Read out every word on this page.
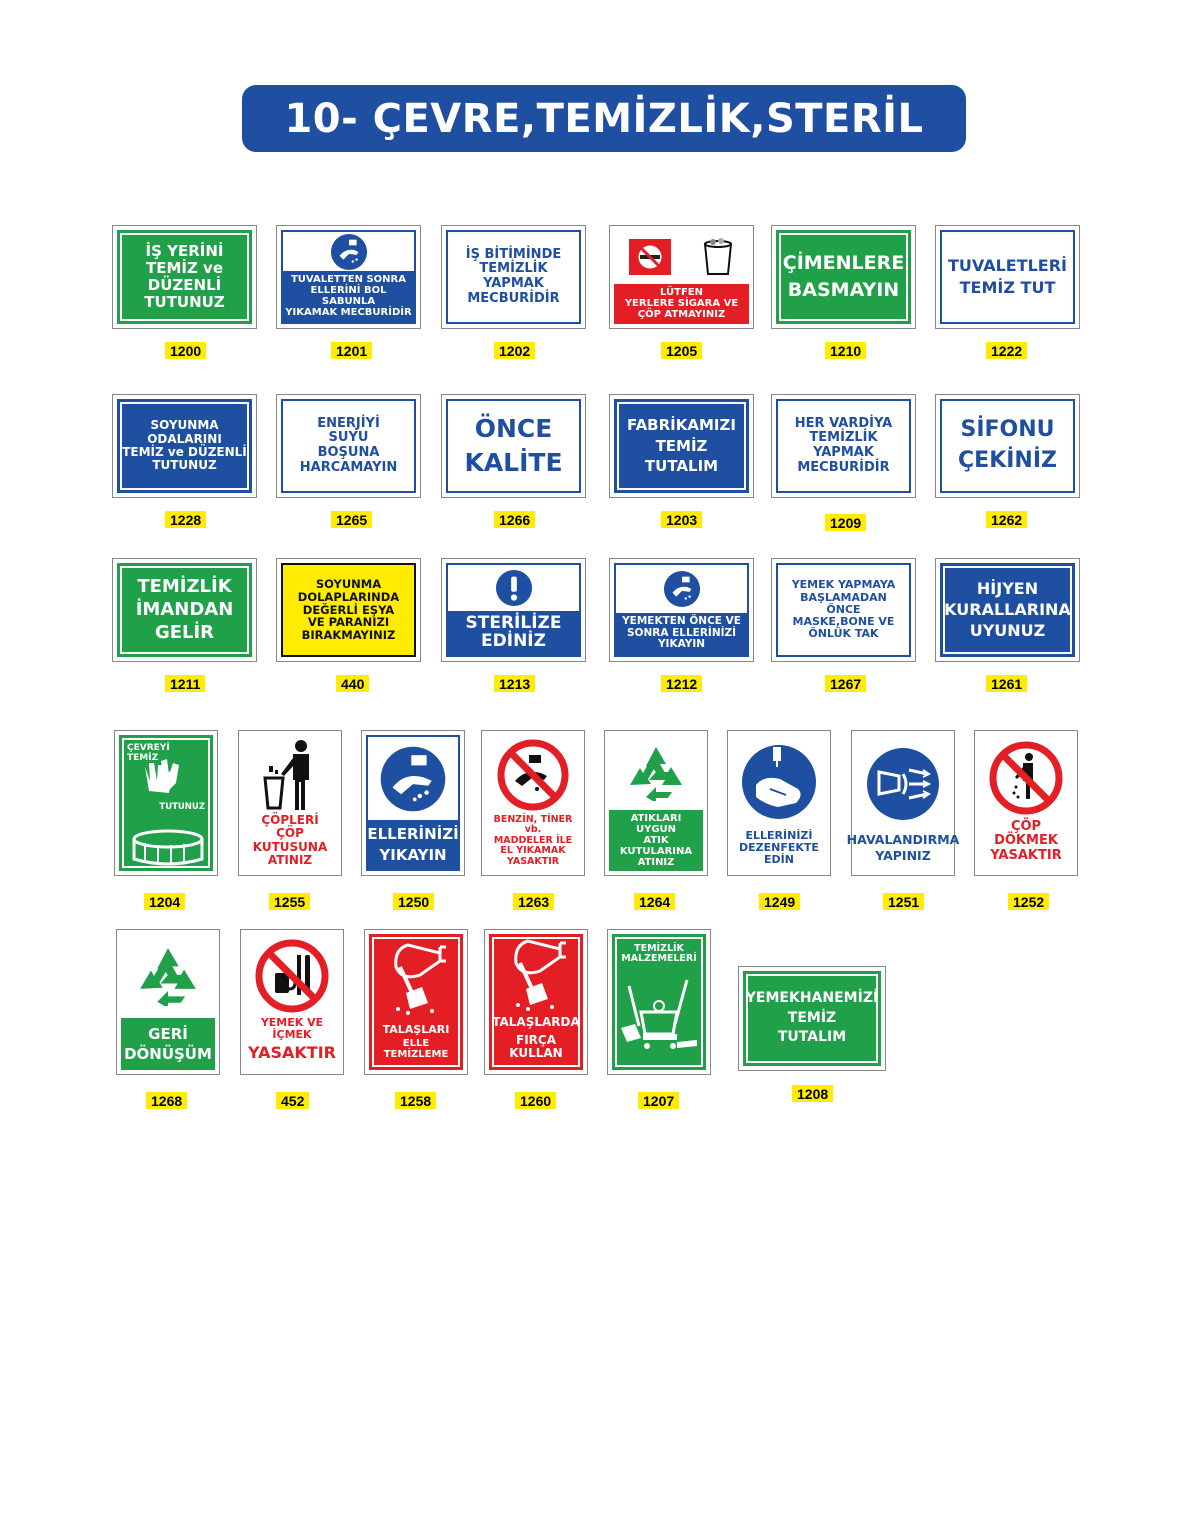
10- ÇEVRE,TEMİZLİK,STERİL
İŞ YERİNİ
TEMİZ ve DÜZENLİ
TUTUNUZ
1200
TUVALETTEN SONRA
ELLERİNİ BOL SABUNLA
YIKAMAK MECBURİDİR
1201
İŞ BİTİMİNDE
TEMİZLİK YAPMAK
MECBURİDİR
1202
LÜTFEN
YERLERE SİGARA VE
ÇÖP ATMAYINIZ
1205
ÇİMENLERE
BASMAYIN
1210
TUVALETLERİ
TEMİZ TUT
1222
SOYUNMA
ODALARINI
TEMİZ ve DÜZENLİ
TUTUNUZ
1228
ENERJİYİ
SUYU
BOŞUNA
HARCAMAYIN
1265
ÖNCE
KALİTE
1266
FABRİKAMIZI
TEMİZ
TUTALIM
1203
HER VARDİYA
TEMİZLİK
YAPMAK
MECBURİDİR
1209
SİFONU
ÇEKİNİZ
1262
TEMİZLİK
İMANDAN
GELİR
1211
SOYUNMA
DOLAPLARINDA
DEĞERLİ EŞYA
VE PARANIZI
BIRAKMAYINIZ
440
STERİLİZE
EDİNİZ
1213
YEMEKTEN ÖNCE VE
SONRA ELLERİNİZİ
YIKAYIN
1212
YEMEK YAPMAYA
BAŞLAMADAN
ÖNCE
MASKE,BONE VE
ÖNLÜK TAK
1267
HİJYEN
KURALLARINA
UYUNUZ
1261
ÇEVREYİ
TEMİZ
TUTUNUZ
1204
ÇÖPLERİ
ÇÖP KUTUSUNA
ATINIZ
1255
ELLERİNİZİ
YIKAYIN
1250
BENZİN, TİNER vb.
MADDELER İLE
EL YIKAMAK
YASAKTIR
1263
ATIKLARI
UYGUN
ATIK
KUTULARINA
ATINIZ
1264
ELLERİNİZİ
DEZENFEKTE
EDİN
1249
HAVALANDIRMA
YAPINIZ
1251
ÇÖP DÖKMEK
YASAKTIR
1252
GERİ
DÖNÜŞÜM
1268
YEMEK VE İÇMEK
YASAKTIR
452
TALAŞLARI
ELLE TEMİZLEME
1258
TALAŞLARDA
FIRÇA KULLAN
1260
TEMİZLİK
MALZEMELERİ
1207
YEMEKHANEMİZİ
TEMİZ
TUTALIM
1208
